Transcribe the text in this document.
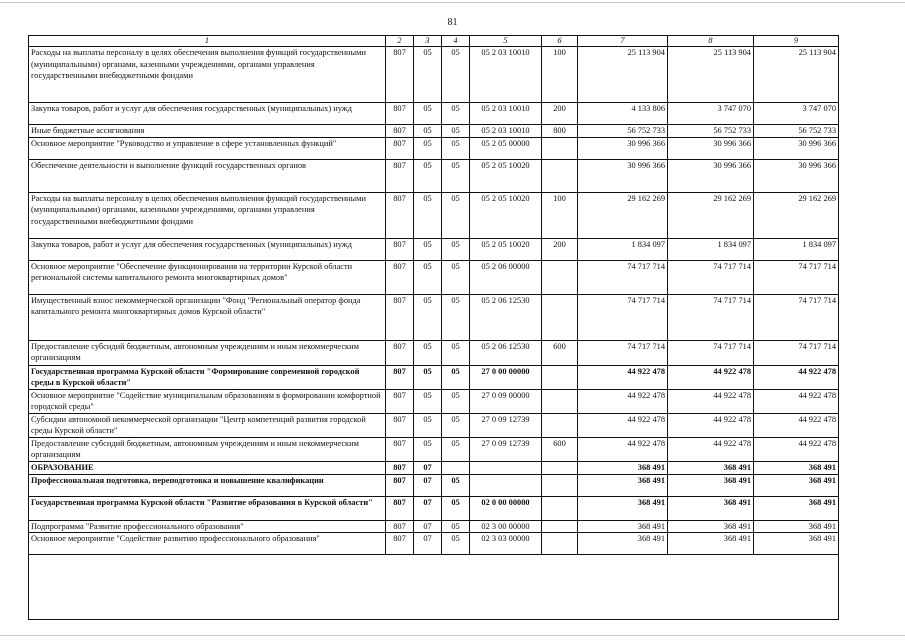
81
1	2	3	4	5	6	7	8	9
Расходы на выплаты персоналу в целях обеспечения выполнения функций государственными (муниципальными) органами, казенными учреждениями, органами управления государственными внебюджетными фондами	807	05	05	05 2 03 10010	100	25 113 904	25 113 904	25 113 904
Закупка товаров, работ и услуг для обеспечения государственных (муниципальных) нужд	807	05	05	05 2 03 10010	200	4 133 806	3 747 070	3 747 070
Иные бюджетные ассигнования	807	05	05	05 2 03 10010	800	56 752 733	56 752 733	56 752 733
Основное мероприятие "Руководство и управление в сфере установленных функций"	807	05	05	05 2 05 00000		30 996 366	30 996 366	30 996 366
Обеспечение деятельности и выполнение функций государственных органов	807	05	05	05 2 05 10020		30 996 366	30 996 366	30 996 366
Расходы на выплаты персоналу в целях обеспечения выполнения функций государственными (муниципальными) органами, казенными учреждениями, органами управления государственными внебюджетными фондами	807	05	05	05 2 05 10020	100	29 162 269	29 162 269	29 162 269
Закупка товаров, работ и услуг для обеспечения государственных (муниципальных) нужд	807	05	05	05 2 05 10020	200	1 834 097	1 834 097	1 834 097
Основное мероприятие "Обеспечение функционирования на территории Курской области региональной системы капитального ремонта многоквартирных домов"	807	05	05	05 2 06 00000		74 717 714	74 717 714	74 717 714
Имущественный взнос некоммерческой организации "Фонд "Региональный оператор фонда капитального ремонта многоквартирных домов Курской области"	807	05	05	05 2 06 12530		74 717 714	74 717 714	74 717 714
Предоставление субсидий бюджетным, автономным учреждениям и иным некоммерческим организациям	807	05	05	05 2 06 12530	600	74 717 714	74 717 714	74 717 714
Государственная программа Курской области "Формирование современной городской среды в Курской области"	807	05	05	27 0 00 00000		44 922 478	44 922 478	44 922 478
Основное мероприятие "Содействие муниципальным образованиям в формировании комфортной городской среды"	807	05	05	27 0 09 00000		44 922 478	44 922 478	44 922 478
Субсидии автономной некоммерческой организации "Центр компетенций развития городской среды Курской области"	807	05	05	27 0 09 12739		44 922 478	44 922 478	44 922 478
Предоставление субсидий бюджетным, автономным учреждениям и иным некоммерческим организациям	807	05	05	27 0 09 12739	600	44 922 478	44 922 478	44 922 478
ОБРАЗОВАНИЕ	807	07				368 491	368 491	368 491
Профессиональная подготовка, переподготовка и повышение квалификации	807	07	05			368 491	368 491	368 491
Государственная программа Курской области "Развитие образования в Курской области"	807	07	05	02 0 00 00000		368 491	368 491	368 491
Подпрограмма "Развитие профессионального образования"	807	07	05	02 3 00 00000		368 491	368 491	368 491
Основное мероприятие "Содействие развитию профессионального образования"	807	07	05	02 3 03 00000		368 491	368 491	368 491
